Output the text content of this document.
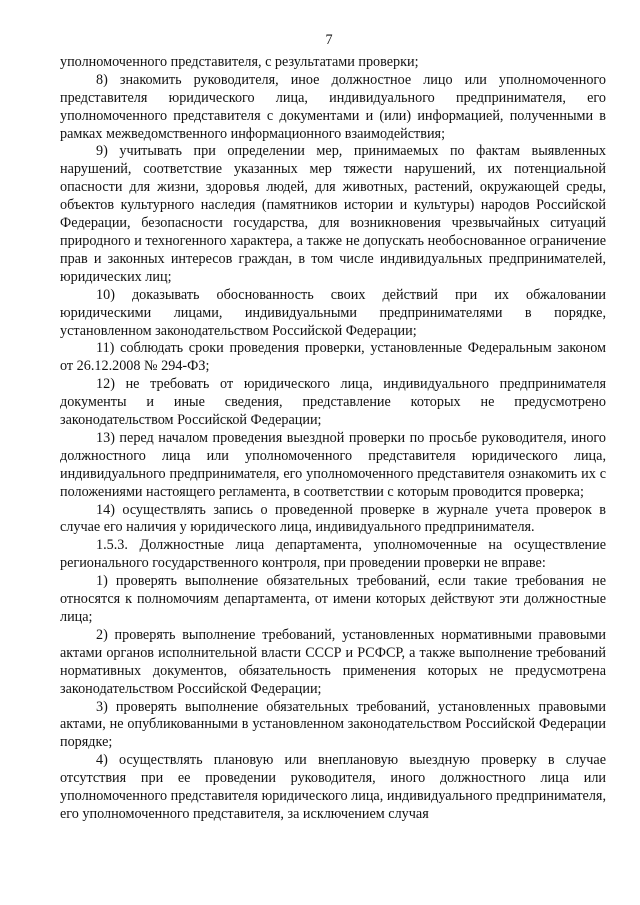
7

уполномоченного представителя, с результатами проверки;

8) знакомить руководителя, иное должностное лицо или уполномоченного представителя юридического лица, индивидуального предпринимателя, его уполномоченного представителя с документами и (или) информацией, полученными в рамках межведомственного информационного взаимодействия;

9) учитывать при определении мер, принимаемых по фактам выявленных нарушений, соответствие указанных мер тяжести нарушений, их потенциальной опасности для жизни, здоровья людей, для животных, растений, окружающей среды, объектов культурного наследия (памятников истории и культуры) народов Российской Федерации, безопасности государства, для возникновения чрезвычайных ситуаций природного и техногенного характера, а также не допускать необоснованное ограничение прав и законных интересов граждан, в том числе индивидуальных предпринимателей, юридических лиц;

10) доказывать обоснованность своих действий при их обжаловании юридическими лицами, индивидуальными предпринимателями в порядке, установленном законодательством Российской Федерации;

11) соблюдать сроки проведения проверки, установленные Федеральным законом от 26.12.2008 № 294-ФЗ;

12) не требовать от юридического лица, индивидуального предпринимателя документы и иные сведения, представление которых не предусмотрено законодательством Российской Федерации;

13) перед началом проведения выездной проверки по просьбе руководителя, иного должностного лица или уполномоченного представителя юридического лица, индивидуального предпринимателя, его уполномоченного представителя ознакомить их с положениями настоящего регламента, в соответствии с которым проводится проверка;

14) осуществлять запись о проведенной проверке в журнале учета проверок в случае его наличия у юридического лица, индивидуального предпринимателя.

1.5.3. Должностные лица департамента, уполномоченные на осуществление регионального государственного контроля, при проведении проверки не вправе:

1) проверять выполнение обязательных требований, если такие требования не относятся к полномочиям департамента, от имени которых действуют эти должностные лица;

2) проверять выполнение требований, установленных нормативными правовыми актами органов исполнительной власти СССР и РСФСР, а также выполнение требований нормативных документов, обязательность применения которых не предусмотрена законодательством Российской Федерации;

3) проверять выполнение обязательных требований, установленных правовыми актами, не опубликованными в установленном законодательством Российской Федерации порядке;

4) осуществлять плановую или внеплановую выездную проверку в случае отсутствия при ее проведении руководителя, иного должностного лица или уполномоченного представителя юридического лица, индивидуального предпринимателя, его уполномоченного представителя, за исключением случая
